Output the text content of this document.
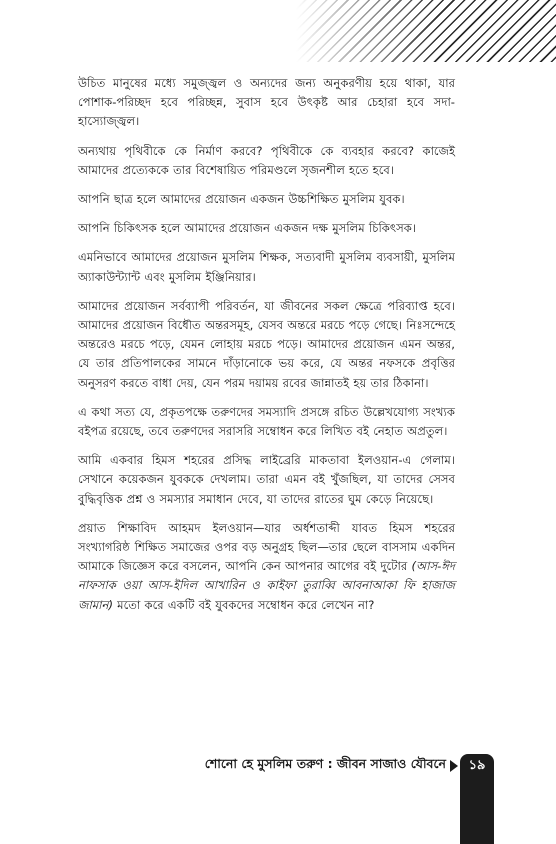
উচিত মানুষের মধ্যে সমুজ্জ্বল ও অন্যদের জন্য অনুকরণীয় হয়ে থাকা, যার পোশাক-পরিচ্ছদ হবে পরিচ্ছন্ন, সুবাস হবে উৎকৃষ্ট আর চেহারা হবে সদা-হাস্যোজ্জ্বল।

অন্যথায় পৃথিবীকে কে নির্মাণ করবে? পৃথিবীকে কে ব্যবহার করবে? কাজেই আমাদের প্রত্যেককে তার বিশেষায়িত পরিমণ্ডলে সৃজনশীল হতে হবে।

আপনি ছাত্র হলে আমাদের প্রয়োজন একজন উচ্চশিক্ষিত মুসলিম যুবক।

আপনি চিকিৎসক হলে আমাদের প্রয়োজন একজন দক্ষ মুসলিম চিকিৎসক।

এমনিভাবে আমাদের প্রয়োজন মুসলিম শিক্ষক, সত্যবাদী মুসলিম ব্যবসায়ী, মুসলিম অ্যাকাউন্ট্যান্ট এবং মুসলিম ইঞ্জিনিয়ার।

আমাদের প্রয়োজন সর্বব্যাপী পরিবর্তন, যা জীবনের সকল ক্ষেত্রে পরিব্যাপ্ত হবে। আমাদের প্রয়োজন বিধৌত অন্তরসমূহ, যেসব অন্তরে মরচে পড়ে গেছে। নিঃসন্দেহে অন্তরেও মরচে পড়ে, যেমন লোহায় মরচে পড়ে। আমাদের প্রয়োজন এমন অন্তর, যে তার প্রতিপালকের সামনে দাঁড়ানোকে ভয় করে, যে অন্তর নফসকে প্রবৃত্তির অনুসরণ করতে বাধা দেয়, যেন পরম দয়াময় রবের জান্নাতই হয় তার ঠিকানা।

এ কথা সত্য যে, প্রকৃতপক্ষে তরুণদের সমস্যাদি প্রসঙ্গে রচিত উল্লেখযোগ্য সংখ্যক বইপত্র রয়েছে, তবে তরুণদের সরাসরি সম্বোধন করে লিখিত বই নেহাত অপ্রতুল।

আমি একবার হিমস শহরের প্রসিদ্ধ লাইব্রেরি মাকতাবা ইলওয়ান-এ গেলাম। সেখানে কয়েকজন যুবককে দেখলাম। তারা এমন বই খুঁজছিল, যা তাদের সেসব বুদ্ধিবৃত্তিক প্রশ্ন ও সমস্যার সমাধান দেবে, যা তাদের রাতের ঘুম কেড়ে নিয়েছে।

প্রয়াত শিক্ষাবিদ আহমদ ইলওয়ান—যার অর্ধশতাব্দী যাবত হিমস শহরের সংখ্যাগরিষ্ঠ শিক্ষিত সমাজের ওপর বড় অনুগ্রহ ছিল—তার ছেলে বাসসাম একদিন আমাকে জিজ্ঞেস করে বসলেন, আপনি কেন আপনার আগের বই দুটোর (আস-ঈদ নাফসাক ওয়া আস-ইদিল আখারিন ও কাইফা তুরাব্বি আবনাআকা ফি হাজাজ জামান) মতো করে একটি বই যুবকদের সম্বোধন করে লেখেন না?

শোনো হে মুসলিম তরুণ : জীবন সাজাও যৌবনে	১৯
